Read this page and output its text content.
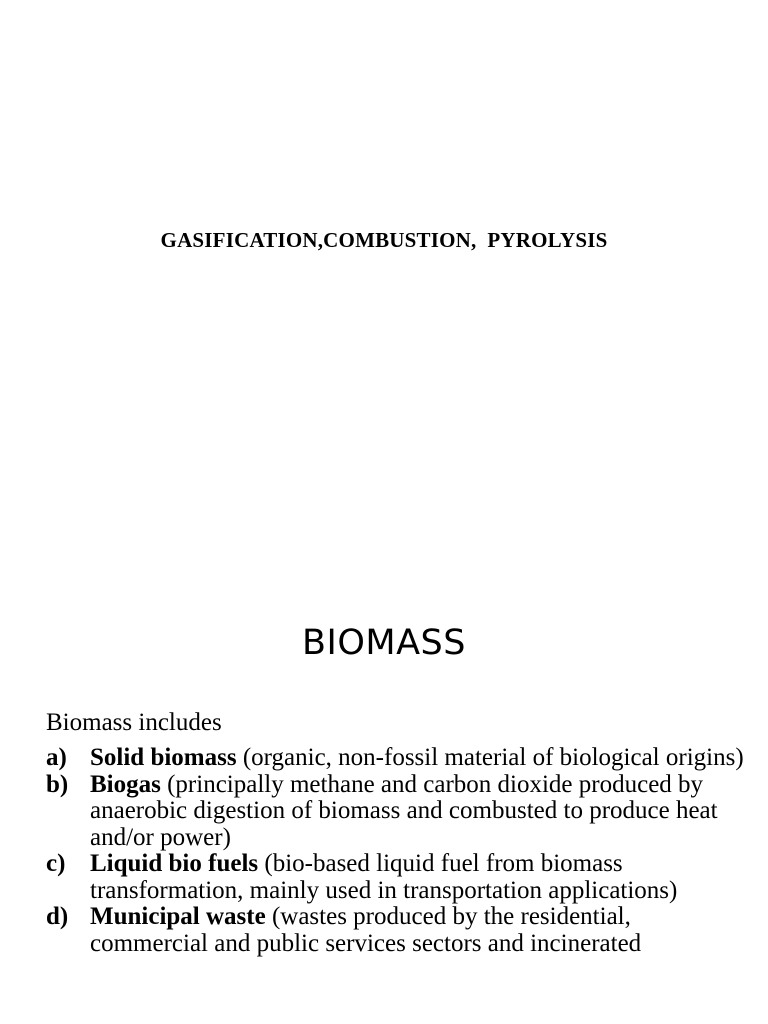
GASIFICATION,COMBUSTION,  PYROLYSIS
BIOMASS
Biomass includes
a) Solid biomass (organic, non-fossil material of biological origins)
b) Biogas (principally methane and carbon dioxide produced by anaerobic digestion of biomass and combusted to produce heat and/or power)
c) Liquid bio fuels (bio-based liquid fuel from biomass transformation, mainly used in transportation applications)
d) Municipal waste (wastes produced by the residential, commercial and public services sectors and incinerated
